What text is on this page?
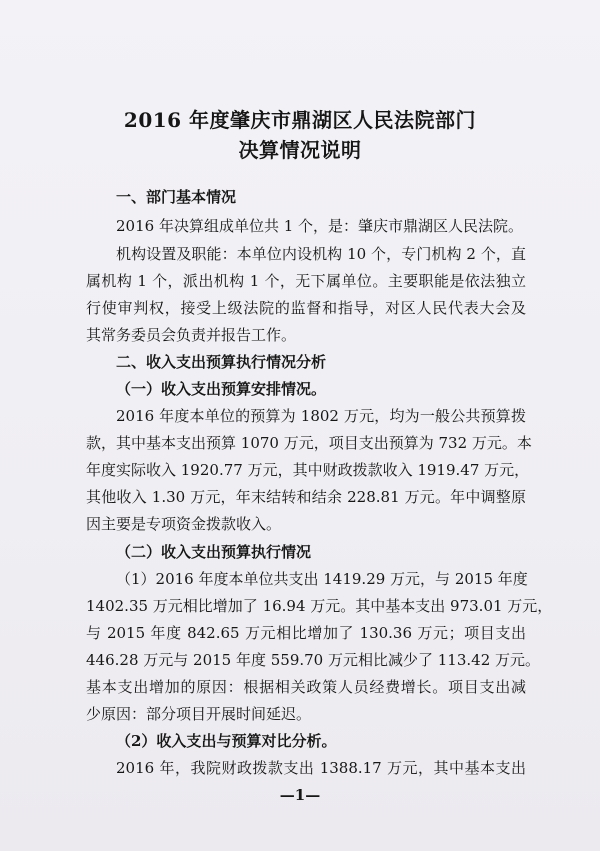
2016 年度肇庆市鼎湖区人民法院部门
决算情况说明

一、部门基本情况

2016 年决算组成单位共 1 个，是：肇庆市鼎湖区人民法院。

机构设置及职能：本单位内设机构 10 个，专门机构 2 个，直

属机构 1 个，派出机构 1 个，无下属单位。主要职能是依法独立

行使审判权，接受上级法院的监督和指导，对区人民代表大会及

其常务委员会负责并报告工作。

二、收入支出预算执行情况分析

（一）收入支出预算安排情况。

2016 年度本单位的预算为 1802 万元，均为一般公共预算拨

款，其中基本支出预算 1070 万元，项目支出预算为 732 万元。本

年度实际收入 1920.77 万元，其中财政拨款收入 1919.47 万元，

其他收入 1.30 万元，年末结转和结余 228.81 万元。年中调整原

因主要是专项资金拨款收入。

（二）收入支出预算执行情况

（1）2016 年度本单位共支出 1419.29 万元，与 2015 年度

1402.35 万元相比增加了 16.94 万元。其中基本支出 973.01 万元，

与 2015 年度 842.65 万元相比增加了 130.36 万元；项目支出

446.28 万元与 2015 年度 559.70 万元相比减少了 113.42 万元。

基本支出增加的原因：根据相关政策人员经费增长。项目支出减

少原因：部分项目开展时间延迟。

（2）收入支出与预算对比分析。

2016 年，我院财政拨款支出 1388.17 万元，其中基本支出

—1—
